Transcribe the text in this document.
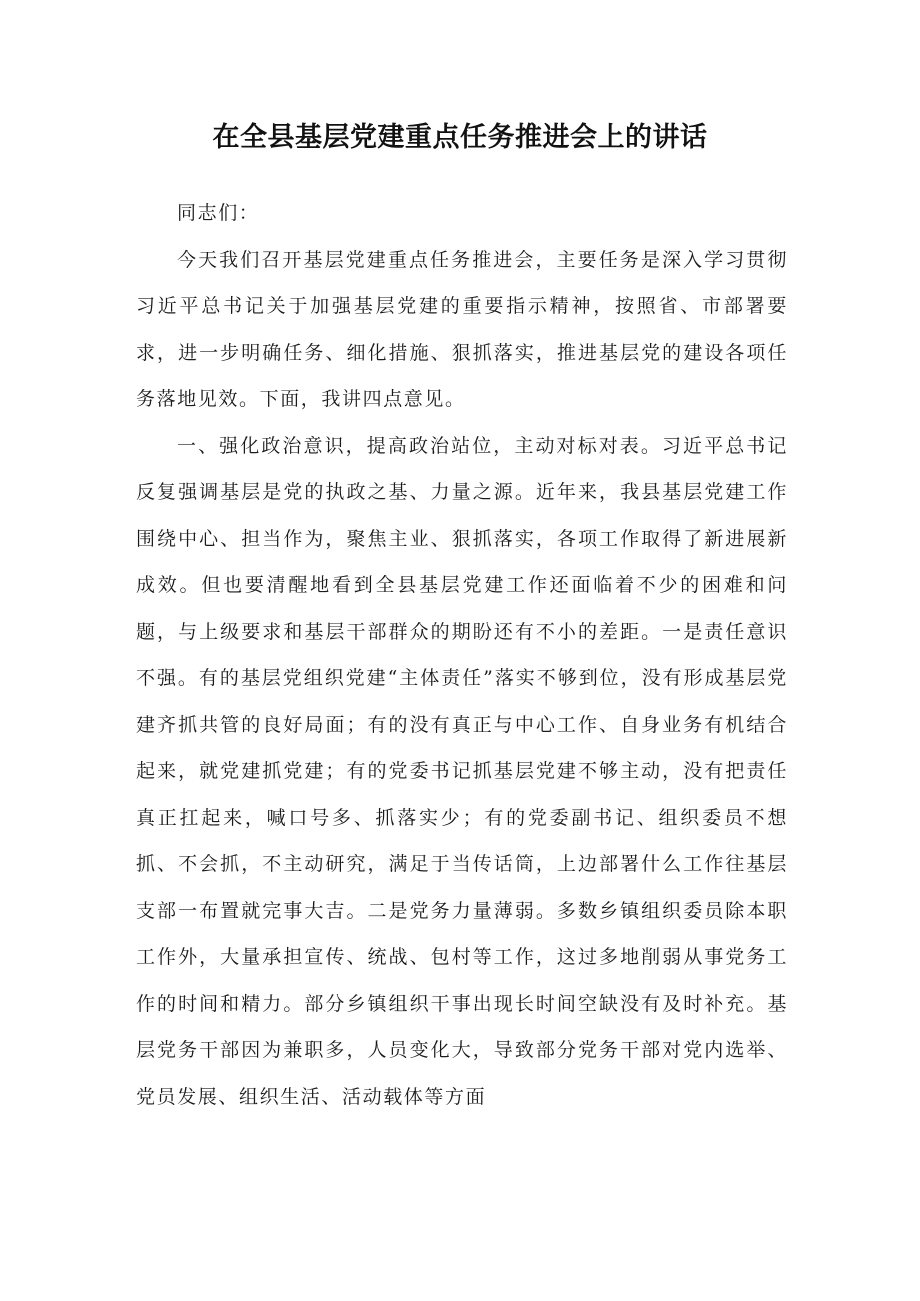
在全县基层党建重点任务推进会上的讲话

同志们：

今天我们召开基层党建重点任务推进会，主要任务是深入学习贯彻习近平总书记关于加强基层党建的重要指示精神，按照省、市部署要求，进一步明确任务、细化措施、狠抓落实，推进基层党的建设各项任务落地见效。下面，我讲四点意见。

一、强化政治意识，提高政治站位，主动对标对表。习近平总书记反复强调基层是党的执政之基、力量之源。近年来，我县基层党建工作围绕中心、担当作为，聚焦主业、狠抓落实，各项工作取得了新进展新成效。但也要清醒地看到全县基层党建工作还面临着不少的困难和问题，与上级要求和基层干部群众的期盼还有不小的差距。一是责任意识不强。有的基层党组织党建“主体责任”落实不够到位，没有形成基层党建齐抓共管的良好局面；有的没有真正与中心工作、自身业务有机结合起来，就党建抓党建；有的党委书记抓基层党建不够主动，没有把责任真正扛起来，喊口号多、抓落实少；有的党委副书记、组织委员不想抓、不会抓，不主动研究，满足于当传话筒，上边部署什么工作往基层支部一布置就完事大吉。二是党务力量薄弱。多数乡镇组织委员除本职工作外，大量承担宣传、统战、包村等工作，这过多地削弱从事党务工作的时间和精力。部分乡镇组织干事出现长时间空缺没有及时补充。基层党务干部因为兼职多，人员变化大，导致部分党务干部对党内选举、党员发展、组织生活、活动载体等方面
